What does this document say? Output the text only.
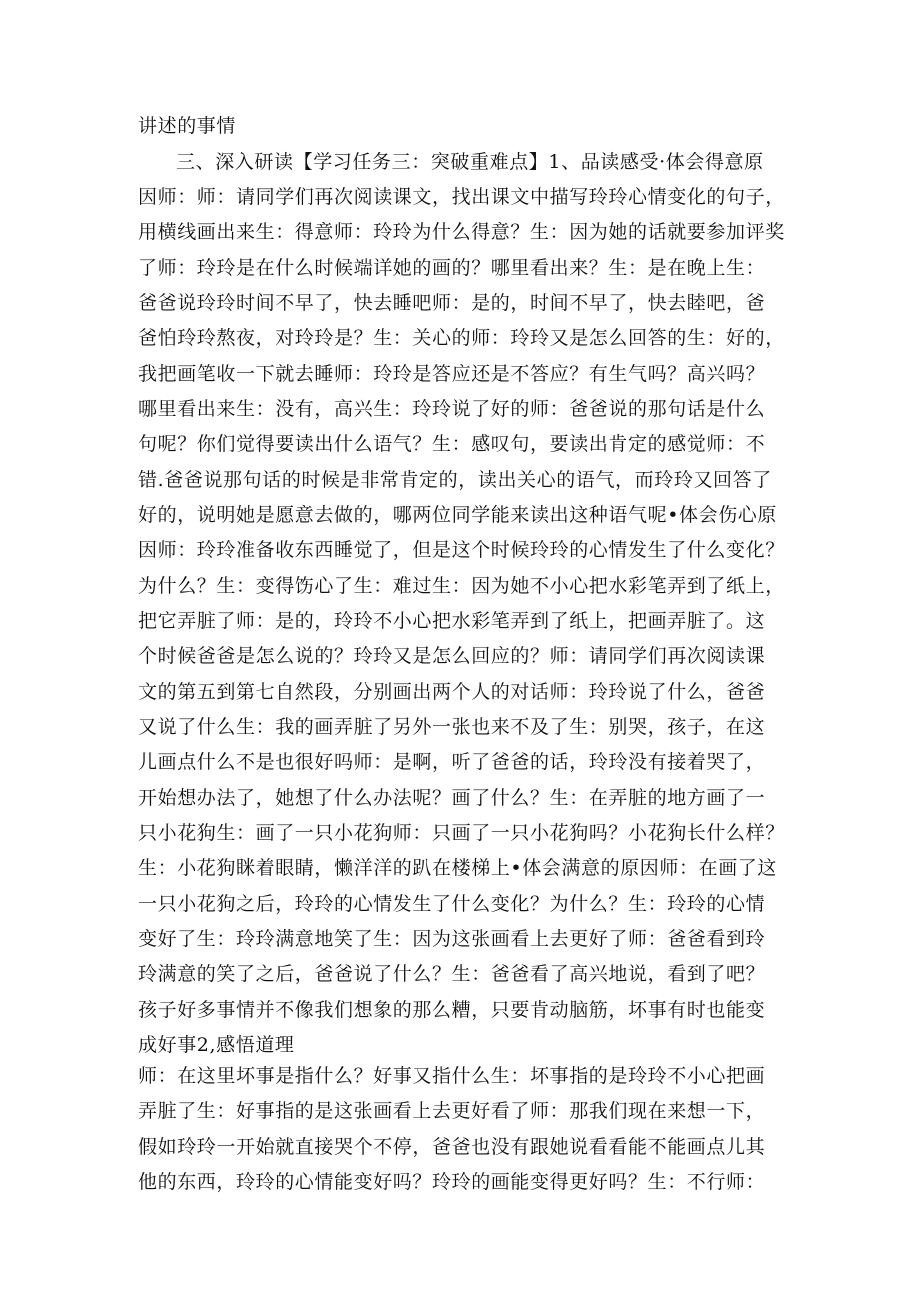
讲述的事情
三、深入研读【学习任务三：突破重难点】1、品读感受·体会得意原
因师：师：请同学们再次阅读课文，找出课文中描写玲玲心情变化的句子，
用横线画出来生：得意师：玲玲为什么得意？生：因为她的话就要参加评奖
了师：玲玲是在什么时候端详她的画的？哪里看出来？生：是在晚上生：
爸爸说玲玲时间不早了，快去睡吧师：是的，时间不早了，快去睦吧，爸
爸怕玲玲熬夜，对玲玲是？生：关心的师：玲玲又是怎么回答的生：好的，
我把画笔收一下就去睡师：玲玲是答应还是不答应？有生气吗？高兴吗？
哪里看出来生：没有，高兴生：玲玲说了好的师：爸爸说的那句话是什么
句呢？你们觉得要读出什么语气？生：感叹句，要读出肯定的感觉师：不
错.爸爸说那句话的时候是非常肯定的，读出关心的语气，而玲玲又回答了
好的，说明她是愿意去做的，哪两位同学能来读出这种语气呢•体会伤心原
因师：玲玲准备收东西睡觉了，但是这个时候玲玲的心情发生了什么变化？
为什么？生：变得饬心了生：难过生：因为她不小心把水彩笔弄到了纸上，
把它弄脏了师：是的，玲玲不小心把水彩笔弄到了纸上，把画弄脏了。这
个时候爸爸是怎么说的？玲玲又是怎么回应的？师：请同学们再次阅读课
文的第五到第七自然段，分别画出两个人的对话师：玲玲说了什么，爸爸
又说了什么生：我的画弄脏了另外一张也来不及了生：别哭，孩子，在这
儿画点什么不是也很好吗师：是啊，听了爸爸的话，玲玲没有接着哭了，
开始想办法了，她想了什么办法呢？画了什么？生：在弄脏的地方画了一
只小花狗生：画了一只小花狗师：只画了一只小花狗吗？小花狗长什么样？
生：小花狗眯着眼睛，懒洋洋的趴在楼梯上•体会满意的原因师：在画了这
一只小花狗之后，玲玲的心情发生了什么变化？为什么？生：玲玲的心情
变好了生：玲玲满意地笑了生：因为这张画看上去更好了师：爸爸看到玲
玲满意的笑了之后，爸爸说了什么？生：爸爸看了高兴地说，看到了吧？
孩子好多事情并不像我们想象的那么糟，只要肯动脑筋，坏事有时也能变
成好事2,感悟道理
师：在这里坏事是指什么？好事又指什么生：坏事指的是玲玲不小心把画
弄脏了生：好事指的是这张画看上去更好看了师：那我们现在来想一下，
假如玲玲一开始就直接哭个不停，爸爸也没有跟她说看看能不能画点儿其
他的东西，玲玲的心情能变好吗？玲玲的画能变得更好吗？生：不行师：
